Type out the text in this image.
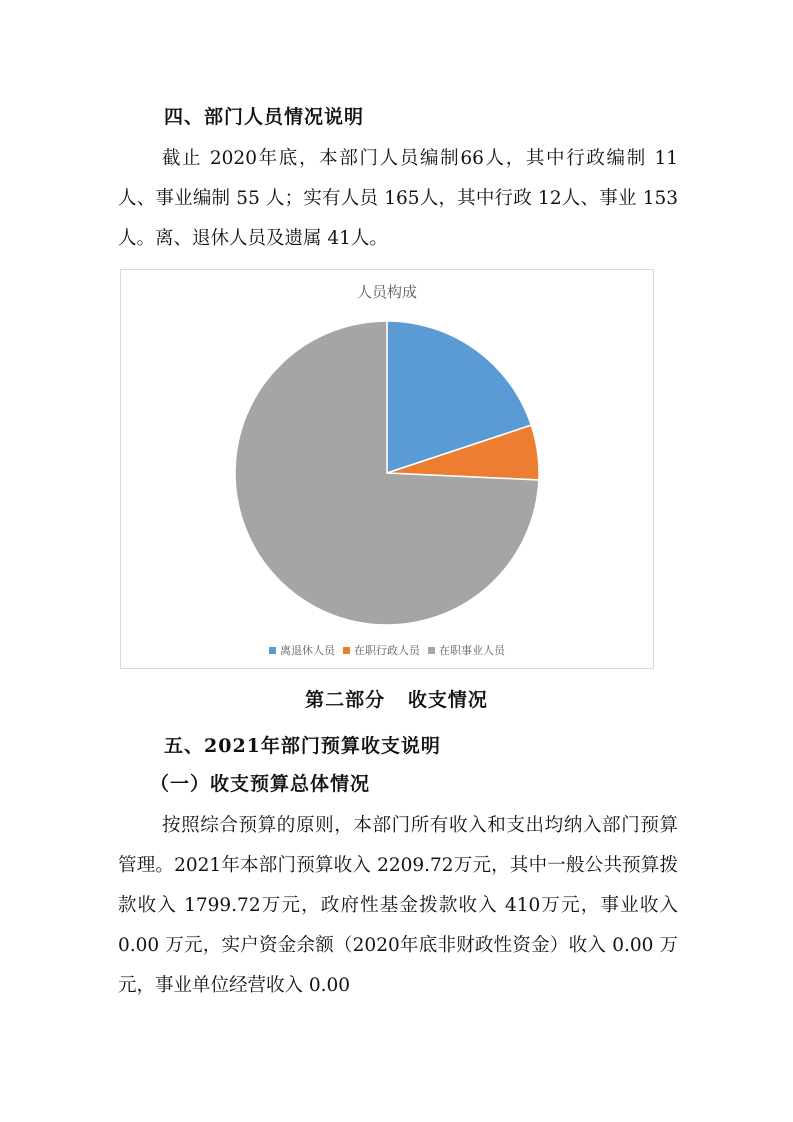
四、部门人员情况说明

截止 2020年底，本部门人员编制66人，其中行政编制 11 人、事业编制 55 人；实有人员 165人，其中行政 12人、事业 153人。离、退休人员及遗属 41人。

人员构成
离退休人员 在职行政人员 在职事业人员
第二部分   收支情况
五、2021年部门预算收支说明
（一）收支预算总体情况

按照综合预算的原则，本部门所有收入和支出均纳入部门预算管理。2021年本部门预算收入 2209.72万元，其中一般公共预算拨款收入 1799.72万元，政府性基金拨款收入 410万元，事业收入 0.00 万元，实户资金余额（2020年底非财政性资金）收入 0.00 万元，事业单位经营收入 0.00
